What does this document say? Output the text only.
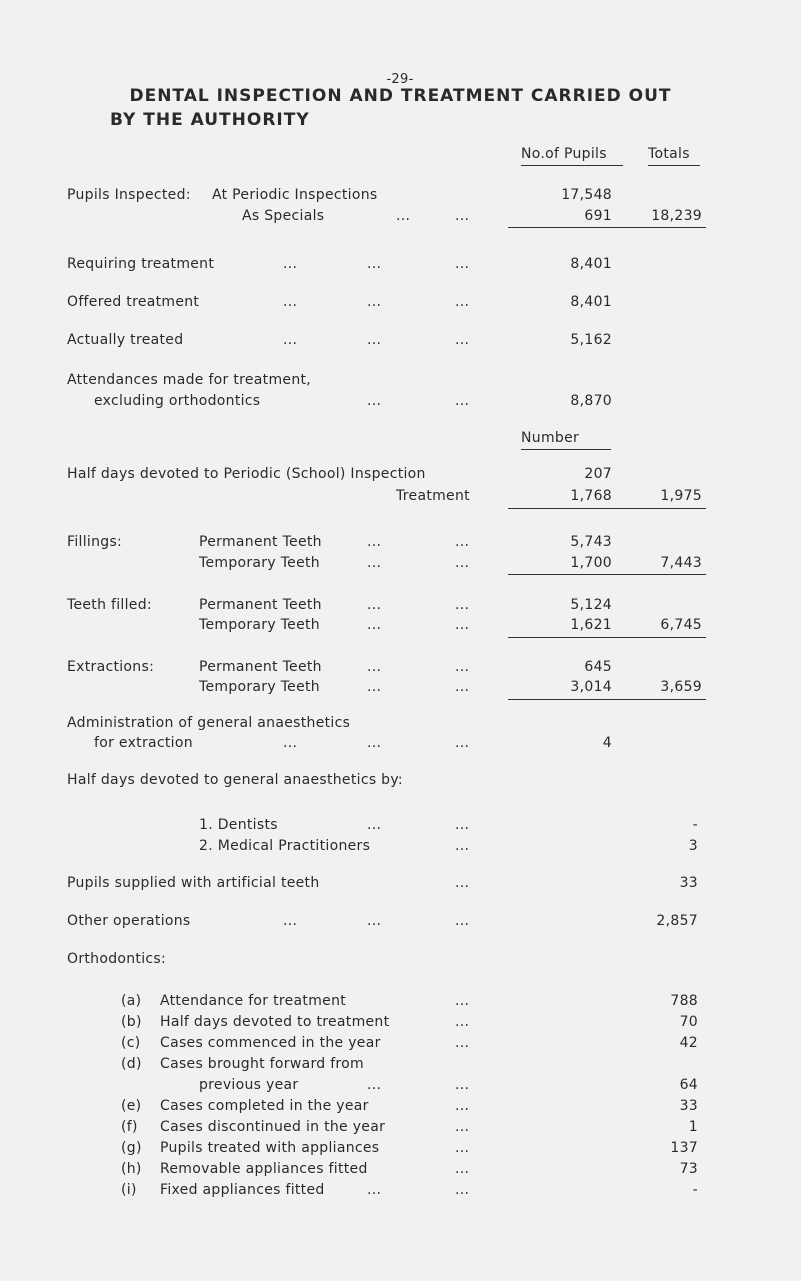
-29-
DENTAL INSPECTION AND TREATMENT CARRIED OUT
BY THE AUTHORITY
No.of Pupils	Totals
Pupils Inspected: At Periodic Inspections	17,548
As Specials	...	...	691	18,239
Requiring treatment	...	...	...	8,401
Offered treatment	...	...	...	8,401
Actually treated	...	...	...	5,162
Attendances made for treatment,
excluding orthodontics	...	...	8,870
Number
Half days devoted to Periodic (School) Inspection	207
Treatment	1,768	1,975
Fillings:	Permanent Teeth	...	...	5,743
Temporary Teeth	...	...	1,700	7,443
Teeth filled:	Permanent Teeth	...	...	5,124
Temporary Teeth	...	...	1,621	6,745
Extractions:	Permanent Teeth	...	...	645
Temporary Teeth	...	...	3,014	3,659
Administration of general anaesthetics
for extraction	...	...	...	4
Half days devoted to general anaesthetics by:
1. Dentists	...	...	-
2. Medical Practitioners	...	3
Pupils supplied with artificial teeth	...	33
Other operations	...	...	...	2,857
Orthodontics:
(a) Attendance for treatment	...	788
(b) Half days devoted to treatment	...	70
(c) Cases commenced in the year	...	42
(d) Cases brought forward from
previous year	...	...	64
(e) Cases completed in the year	...	33
(f) Cases discontinued in the year	...	1
(g) Pupils treated with appliances	...	137
(h) Removable appliances fitted	...	73
(i) Fixed appliances fitted	...	...	-
